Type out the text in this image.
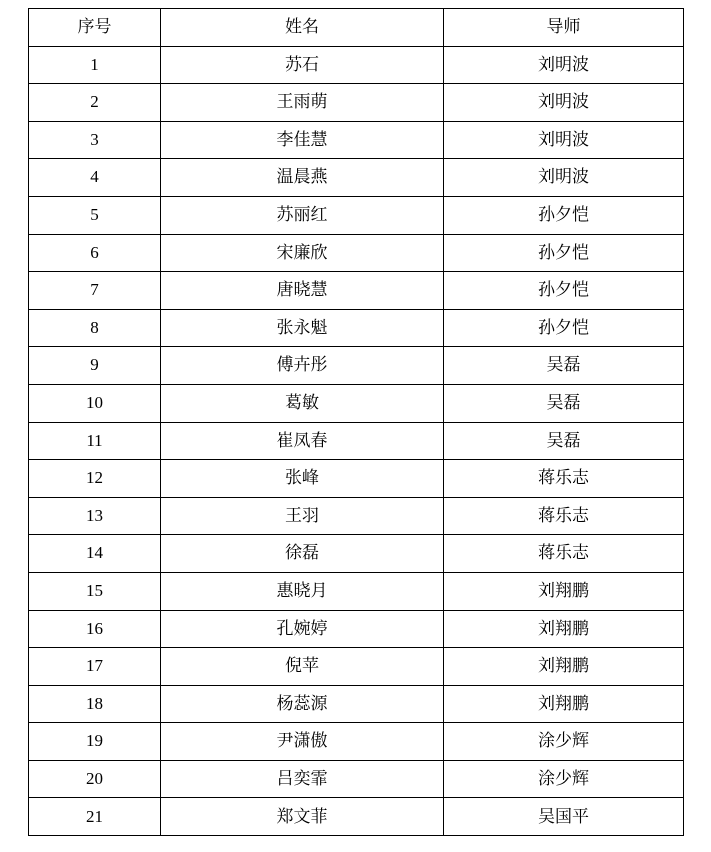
序号	姓名	导师
1	苏石	刘明波
2	王雨萌	刘明波
3	李佳慧	刘明波
4	温晨燕	刘明波
5	苏丽红	孙夕恺
6	宋廉欣	孙夕恺
7	唐晓慧	孙夕恺
8	张永魁	孙夕恺
9	傅卉彤	吴磊
10	葛敏	吴磊
11	崔凤春	吴磊
12	张峰	蒋乐志
13	王羽	蒋乐志
14	徐磊	蒋乐志
15	惠晓月	刘翔鹏
16	孔婉婷	刘翔鹏
17	倪苹	刘翔鹏
18	杨蕊源	刘翔鹏
19	尹潇傲	涂少辉
20	吕奕霏	涂少辉
21	郑文菲	吴国平
